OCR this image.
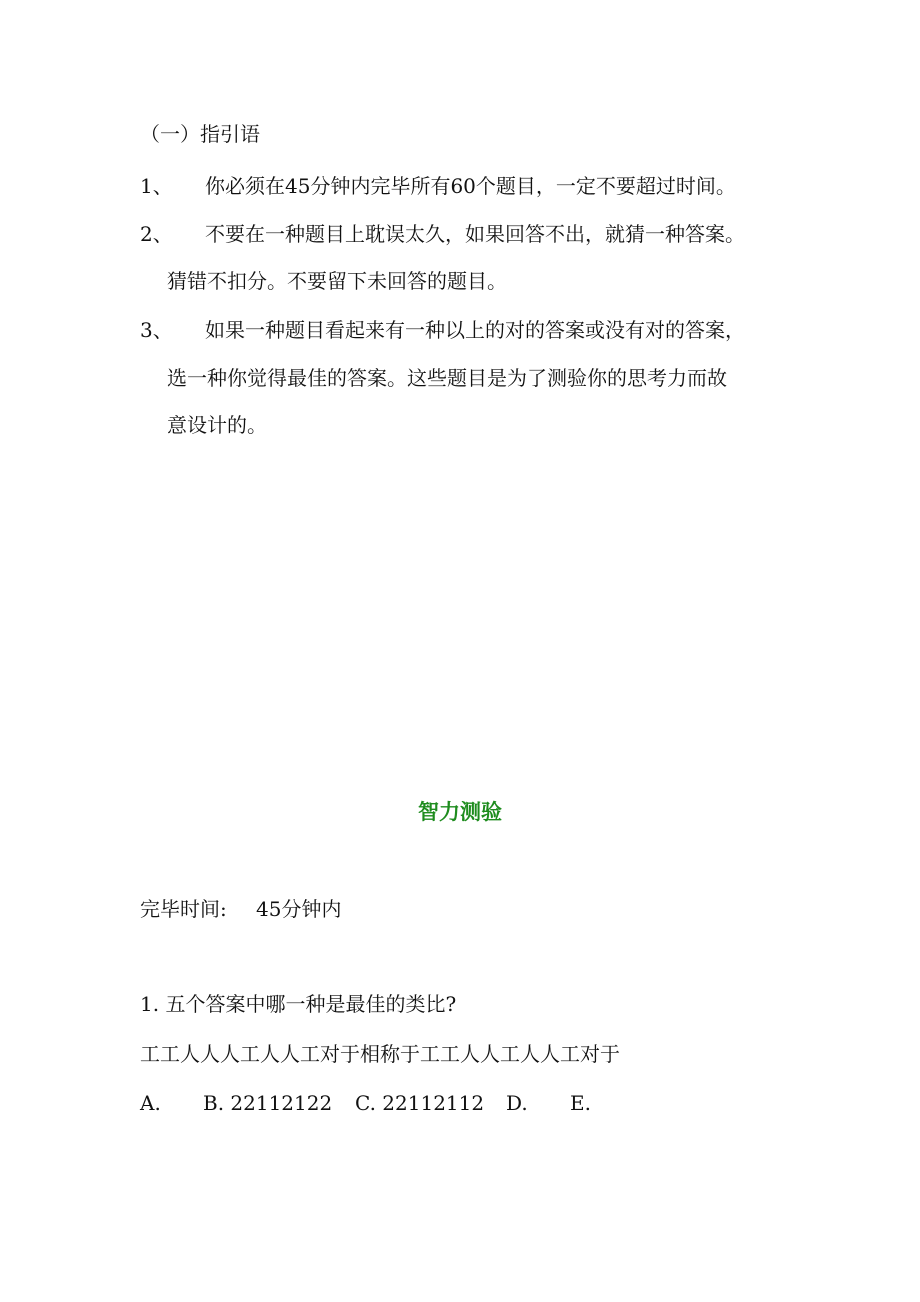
（一）指引语
1、 你必须在45分钟内完毕所有60个题目，一定不要超过时间。
2、 不要在一种题目上耽误太久，如果回答不出，就猜一种答案。
猜错不扣分。不要留下未回答的题目。
3、 如果一种题目看起来有一种以上的对的答案或没有对的答案，
选一种你觉得最佳的答案。这些题目是为了测验你的思考力而故
意设计的。
智力测验
完毕时间: 45分钟内
1. 五个答案中哪一种是最佳的类比?
工工人人人工人人工对于相称于工工人人工人人工对于
A. B. 22112122 C. 22112112 D. E.
